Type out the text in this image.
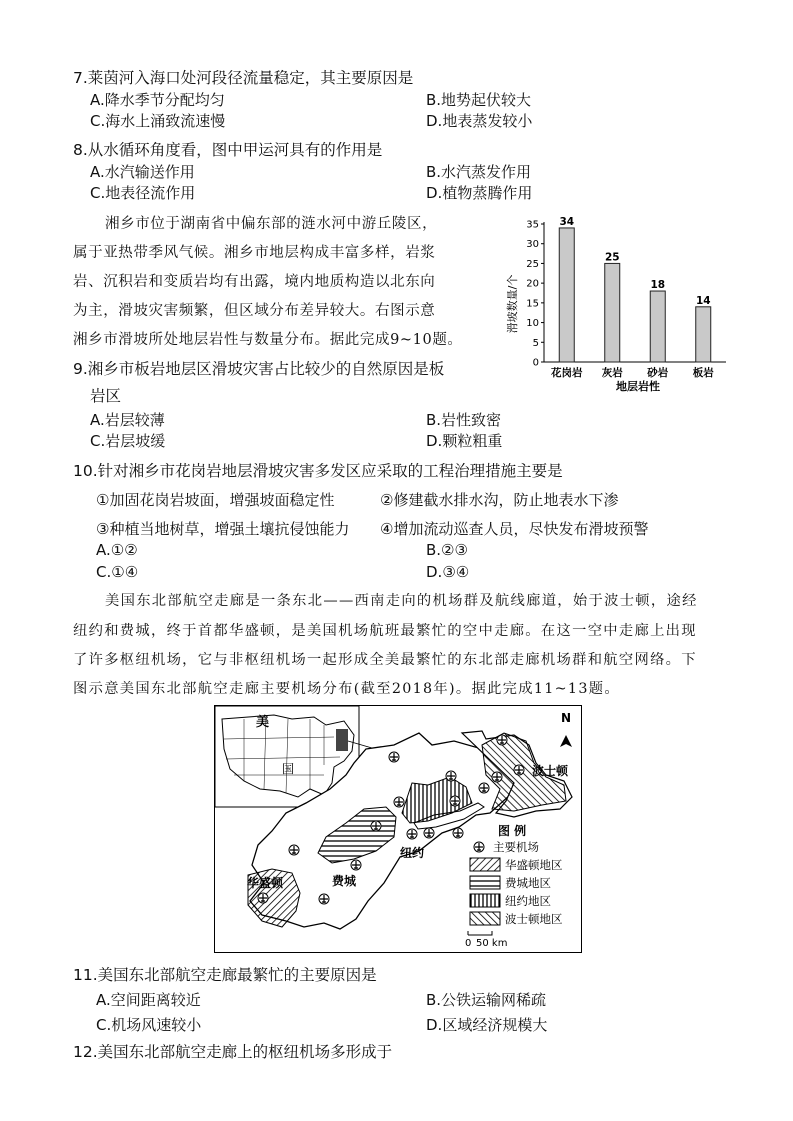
7.莱茵河入海口处河段径流量稳定，其主要原因是
A.降水季节分配均匀	B.地势起伏较大
C.海水上涌致流速慢	D.地表蒸发较小
8.从水循环角度看，图中甲运河具有的作用是
A.水汽输送作用	B.水汽蒸发作用
C.地表径流作用	D.植物蒸腾作用
湘乡市位于湖南省中偏东部的涟水河中游丘陵区，
属于亚热带季风气候。湘乡市地层构成丰富多样，岩浆
岩、沉积岩和变质岩均有出露，境内地质构造以北东向
为主，滑坡灾害频繁，但区域分布差异较大。右图示意
湘乡市滑坡所处地层岩性与数量分布。据此完成9~10题。
0
5
10
15
20
25
30
35 34
花岗岩
25
灰岩
18
砂岩
14
板岩
滑坡数量/个
地层岩性
9.湘乡市板岩地层区滑坡灾害占比较少的自然原因是板
岩区
A.岩层较薄	B.岩性致密
C.岩层坡缓	D.颗粒粗重
10.针对湘乡市花岗岩地层滑坡灾害多发区应采取的工程治理措施主要是
①加固花岗岩坡面，增强坡面稳定性	②修建截水排水沟，防止地表水下渗
③种植当地树草，增强土壤抗侵蚀能力 ④增加流动巡查人员，尽快发布滑坡预警
A.①②	B.②③
C.①④	D.③④
美国东北部航空走廊是一条东北——西南走向的机场群及航线廊道，始于波士顿，途经
纽约和费城，终于首都华盛顿，是美国机场航班最繁忙的空中走廊。在这一空中走廊上出现
了许多枢纽机场，它与非枢纽机场一起形成全美最繁忙的东北部走廊机场群和航空网络。下
图示意美国东北部航空走廊主要机场分布(截至2018年)。据此完成11~13题。
美
国
N
波士顿
纽约
费城
华盛顿
图 例
主要机场
华盛顿地区
费城地区
纽约地区
波士顿地区
0 50 km
11.美国东北部航空走廊最繁忙的主要原因是
A.空间距离较近	B.公铁运输网稀疏
C.机场风速较小	D.区域经济规模大
12.美国东北部航空走廊上的枢纽机场多形成于
